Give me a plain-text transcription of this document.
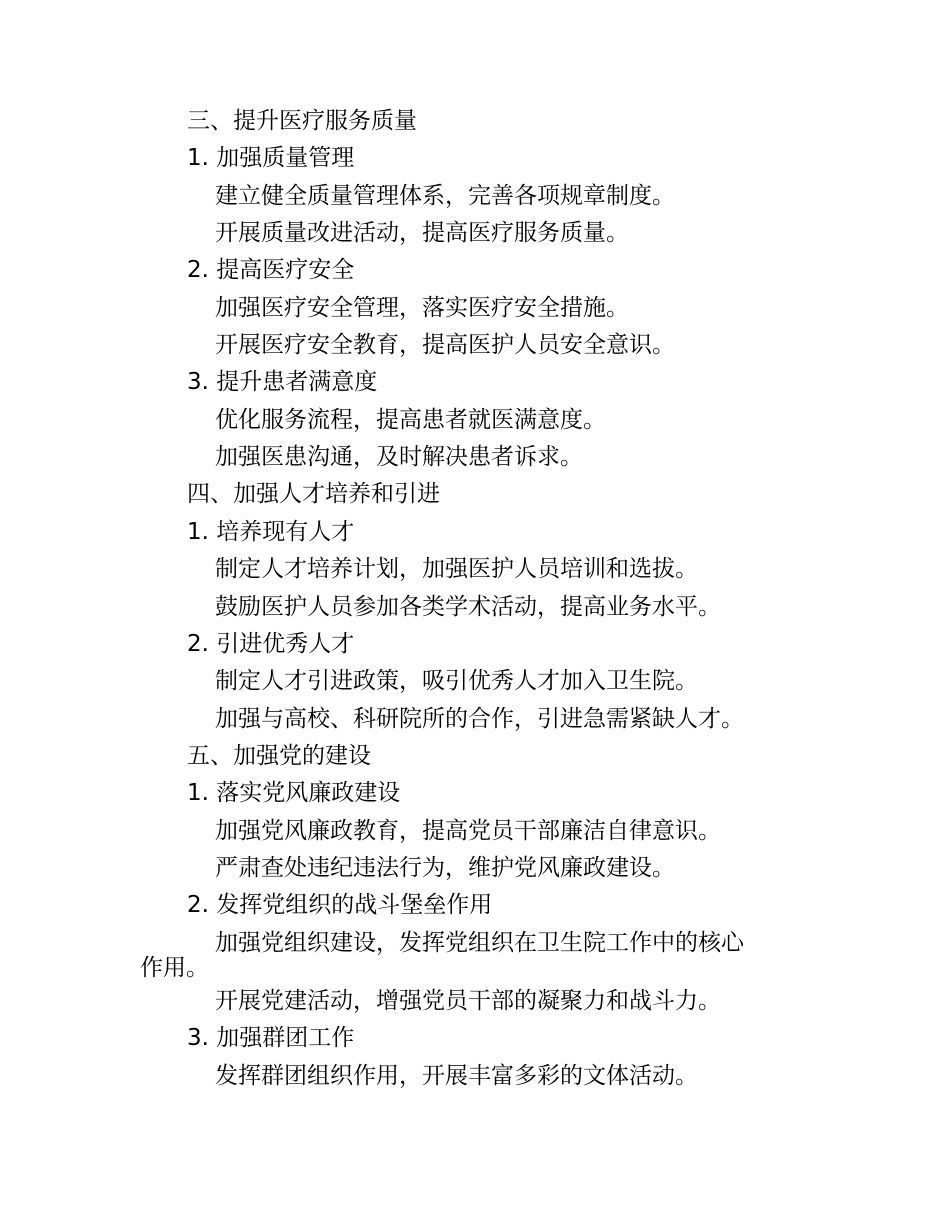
三、提升医疗服务质量
1. 加强质量管理
建立健全质量管理体系，完善各项规章制度。
开展质量改进活动，提高医疗服务质量。
2. 提高医疗安全
加强医疗安全管理，落实医疗安全措施。
开展医疗安全教育，提高医护人员安全意识。
3. 提升患者满意度
优化服务流程，提高患者就医满意度。
加强医患沟通，及时解决患者诉求。
四、加强人才培养和引进
1. 培养现有人才
制定人才培养计划，加强医护人员培训和选拔。
鼓励医护人员参加各类学术活动，提高业务水平。
2. 引进优秀人才
制定人才引进政策，吸引优秀人才加入卫生院。
加强与高校、科研院所的合作，引进急需紧缺人才。
五、加强党的建设
1. 落实党风廉政建设
加强党风廉政教育，提高党员干部廉洁自律意识。
严肃查处违纪违法行为，维护党风廉政建设。
2. 发挥党组织的战斗堡垒作用
加强党组织建设，发挥党组织在卫生院工作中的核心
作用。
开展党建活动，增强党员干部的凝聚力和战斗力。
3. 加强群团工作
发挥群团组织作用，开展丰富多彩的文体活动。
